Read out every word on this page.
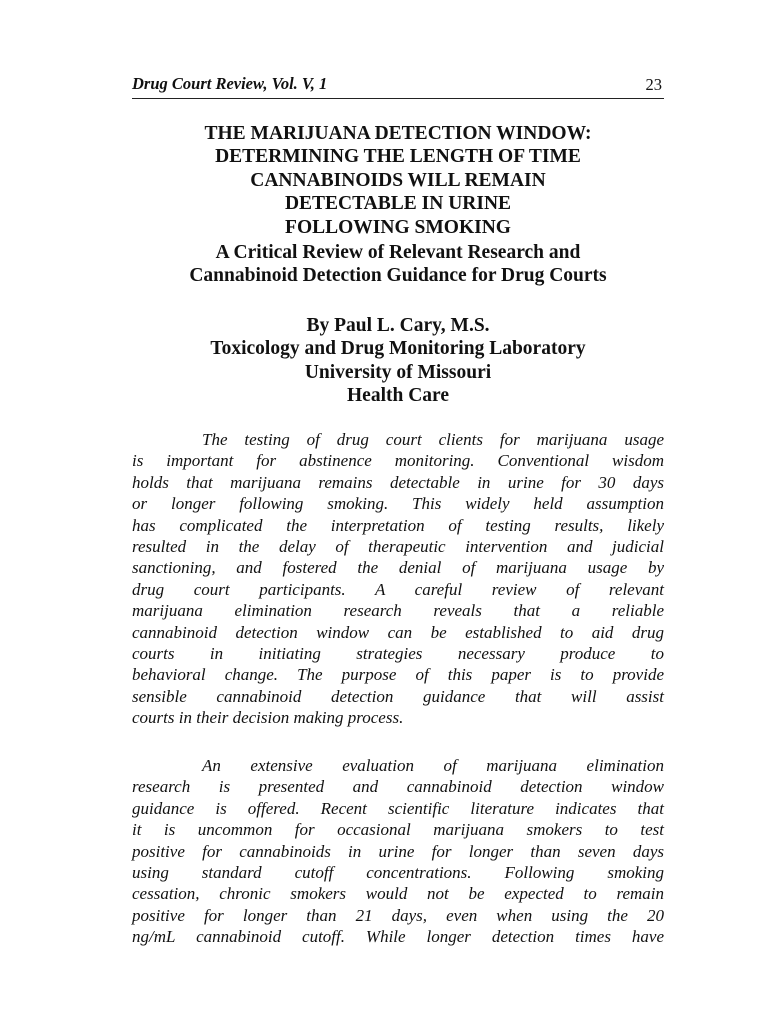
Drug Court Review, Vol. V, 1	23
THE MARIJUANA DETECTION WINDOW:
DETERMINING THE LENGTH OF TIME
CANNABINOIDS WILL REMAIN
DETECTABLE IN URINE
FOLLOWING SMOKING
A Critical Review of Relevant Research and
Cannabinoid Detection Guidance for Drug Courts
By Paul L. Cary, M.S.
Toxicology and Drug Monitoring Laboratory
University of Missouri
Health Care
The testing of drug court clients for marijuana usage
is important for abstinence monitoring. Conventional wisdom
holds that marijuana remains detectable in urine for 30 days
or longer following smoking. This widely held assumption
has complicated the interpretation of testing results, likely
resulted in the delay of therapeutic intervention and judicial
sanctioning, and fostered the denial of marijuana usage by
drug court participants. A careful review of relevant
marijuana elimination research reveals that a reliable
cannabinoid detection window can be established to aid drug
courts in initiating strategies necessary produce to
behavioral change. The purpose of this paper is to provide
sensible cannabinoid detection guidance that will assist
courts in their decision making process.
An extensive evaluation of marijuana elimination
research is presented and cannabinoid detection window
guidance is offered. Recent scientific literature indicates that
it is uncommon for occasional marijuana smokers to test
positive for cannabinoids in urine for longer than seven days
using standard cutoff concentrations. Following smoking
cessation, chronic smokers would not be expected to remain
positive for longer than 21 days, even when using the 20
ng/mL cannabinoid cutoff. While longer detection times have
